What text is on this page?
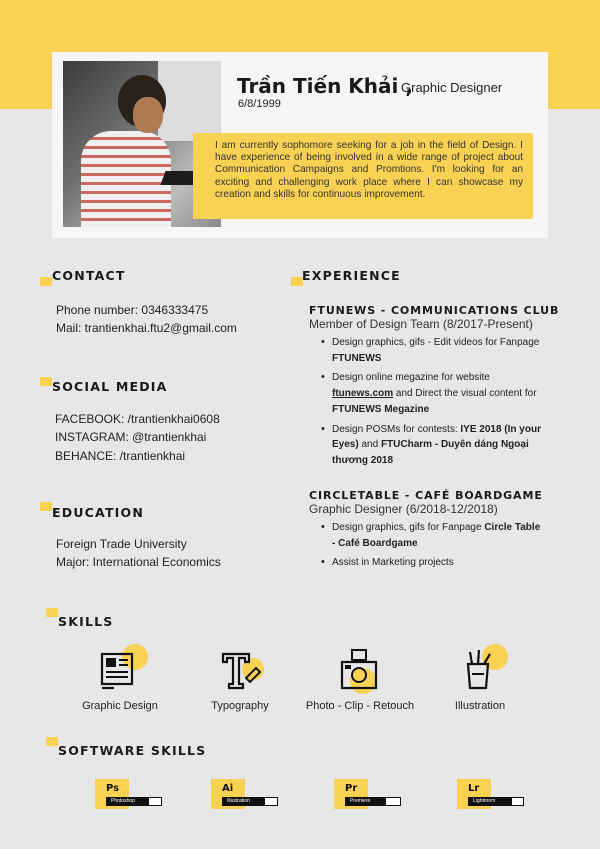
Trần Tiến Khải ,
Graphic Designer
6/8/1999
I am currently sophomore seeking for a job in the field of Design. I have experience of being involved in a wide range of project about Communication Campaigns and Promtions. I'm looking for an exciting and challenging work place where I can showcase my creation and skills for continuous improvement.
CONTACT
Phone number: 0346333475
Mail: trantienkhai.ftu2@gmail.com
SOCIAL MEDIA
FACEBOOK: /trantienkhai0608
INSTAGRAM: @trantienkhai
BEHANCE: /trantienkhai
EDUCATION
Foreign Trade University
Major: International Economics
EXPERIENCE
FTUNEWS - COMMUNICATIONS CLUB
Member of Design Team (8/2017-Present)
• Design graphics, gifs - Edit videos for Fanpage FTUNEWS
• Design online megazine for website ftunews.com and Direct the visual content for FTUNEWS Megazine
• Design POSMs for contests: IYE 2018 (In your Eyes) and FTUCharm - Duyên dáng Ngoại thương 2018
CIRCLETABLE - CAFÉ BOARDGAME
Graphic Designer (6/2018-12/2018)
• Design graphics, gifs for Fanpage Circle Table - Café Boardgame
• Assist in Marketing projects
SKILLS
Graphic Design	Typography	Photo - Clip - Retouch	Illustration
SOFTWARE SKILLS
Ps
Photoshop
Ai
Illustration
Pr
Premiere
Lr
Lightroom
